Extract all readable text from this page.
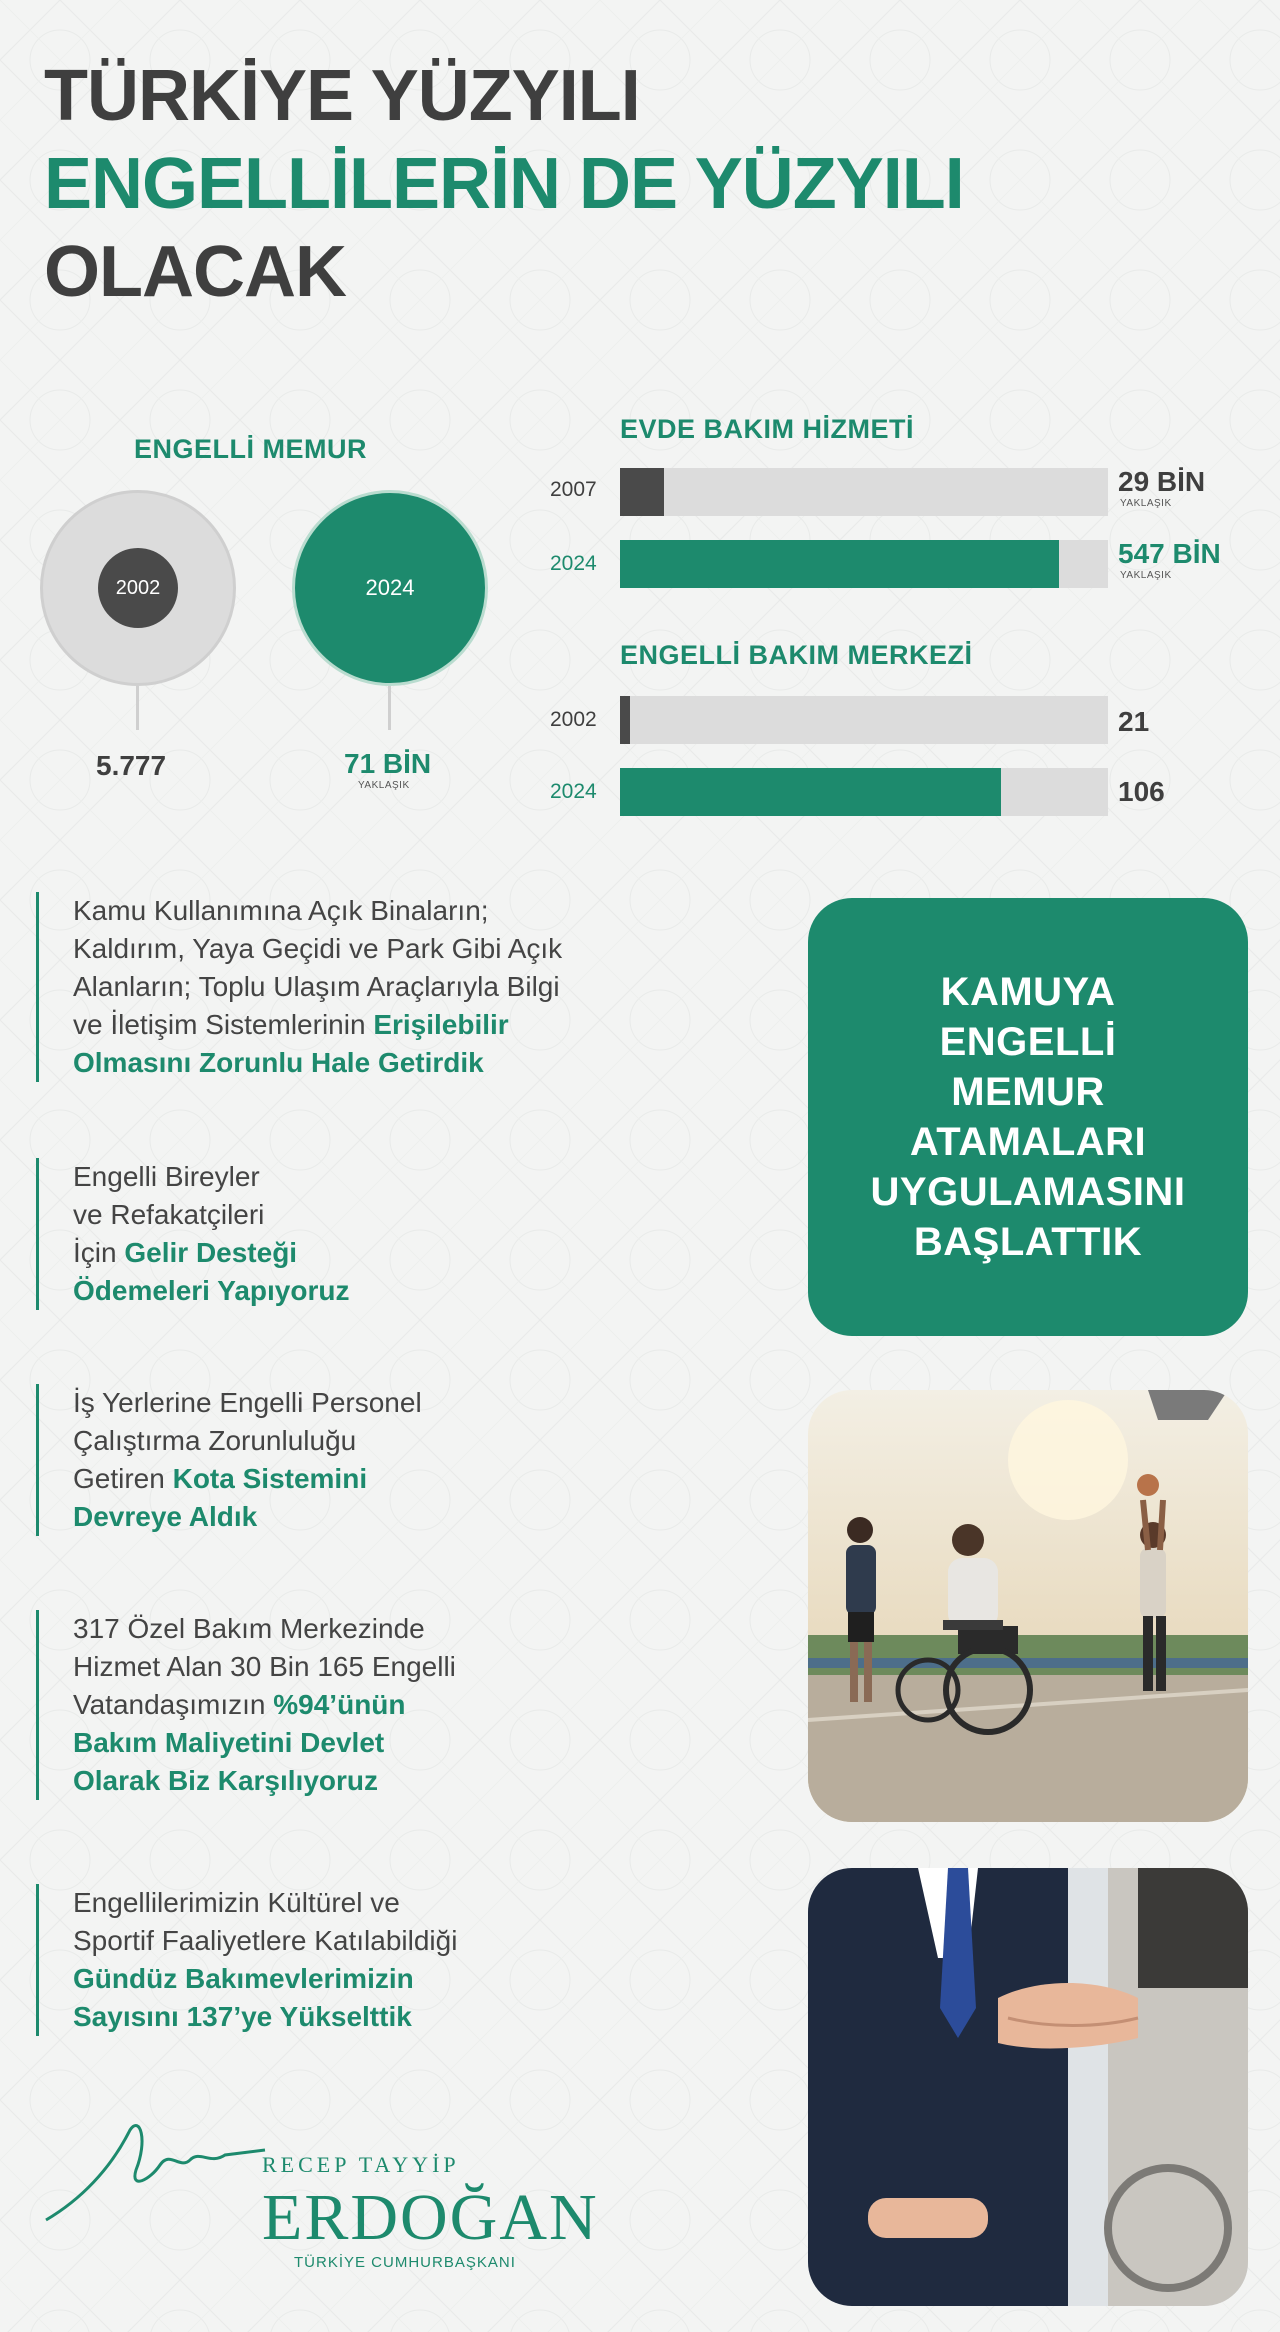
TÜRKİYE YÜZYILI
ENGELLİLERİN DE YÜZYILI
OLACAK
ENGELLİ MEMUR
2002
5.777
2024
71 BİN
YAKLAŞIK
EVDE BAKIM HİZMETİ
2007	29 BİN
YAKLAŞIK
2024	547 BİN
YAKLAŞIK
ENGELLİ BAKIM MERKEZİ
2002	21
2024	106
Kamu Kullanımına Açık Binaların;
Kaldırım, Yaya Geçidi ve Park Gibi Açık
Alanların; Toplu Ulaşım Araçlarıyla Bilgi
ve İletişim Sistemlerinin Erişilebilir
Olmasını Zorunlu Hale Getirdik
Engelli Bireyler
ve Refakatçileri
İçin Gelir Desteği
Ödemeleri Yapıyoruz
İş Yerlerine Engelli Personel
Çalıştırma Zorunluluğu
Getiren Kota Sistemini
Devreye Aldık
317 Özel Bakım Merkezinde
Hizmet Alan 30 Bin 165 Engelli
Vatandaşımızın %94’ünün
Bakım Maliyetini Devlet
Olarak Biz Karşılıyoruz
Engellilerimizin Kültürel ve
Sportif Faaliyetlere Katılabildiği
Gündüz Bakımevlerimizin
Sayısını 137’ye Yükselttik
KAMUYA
ENGELLİ
MEMUR
ATAMALARI
UYGULAMASINI
BAŞLATTIK
RECEP TAYYİP
ERDOĞAN
TÜRKİYE CUMHURBAŞKANI
